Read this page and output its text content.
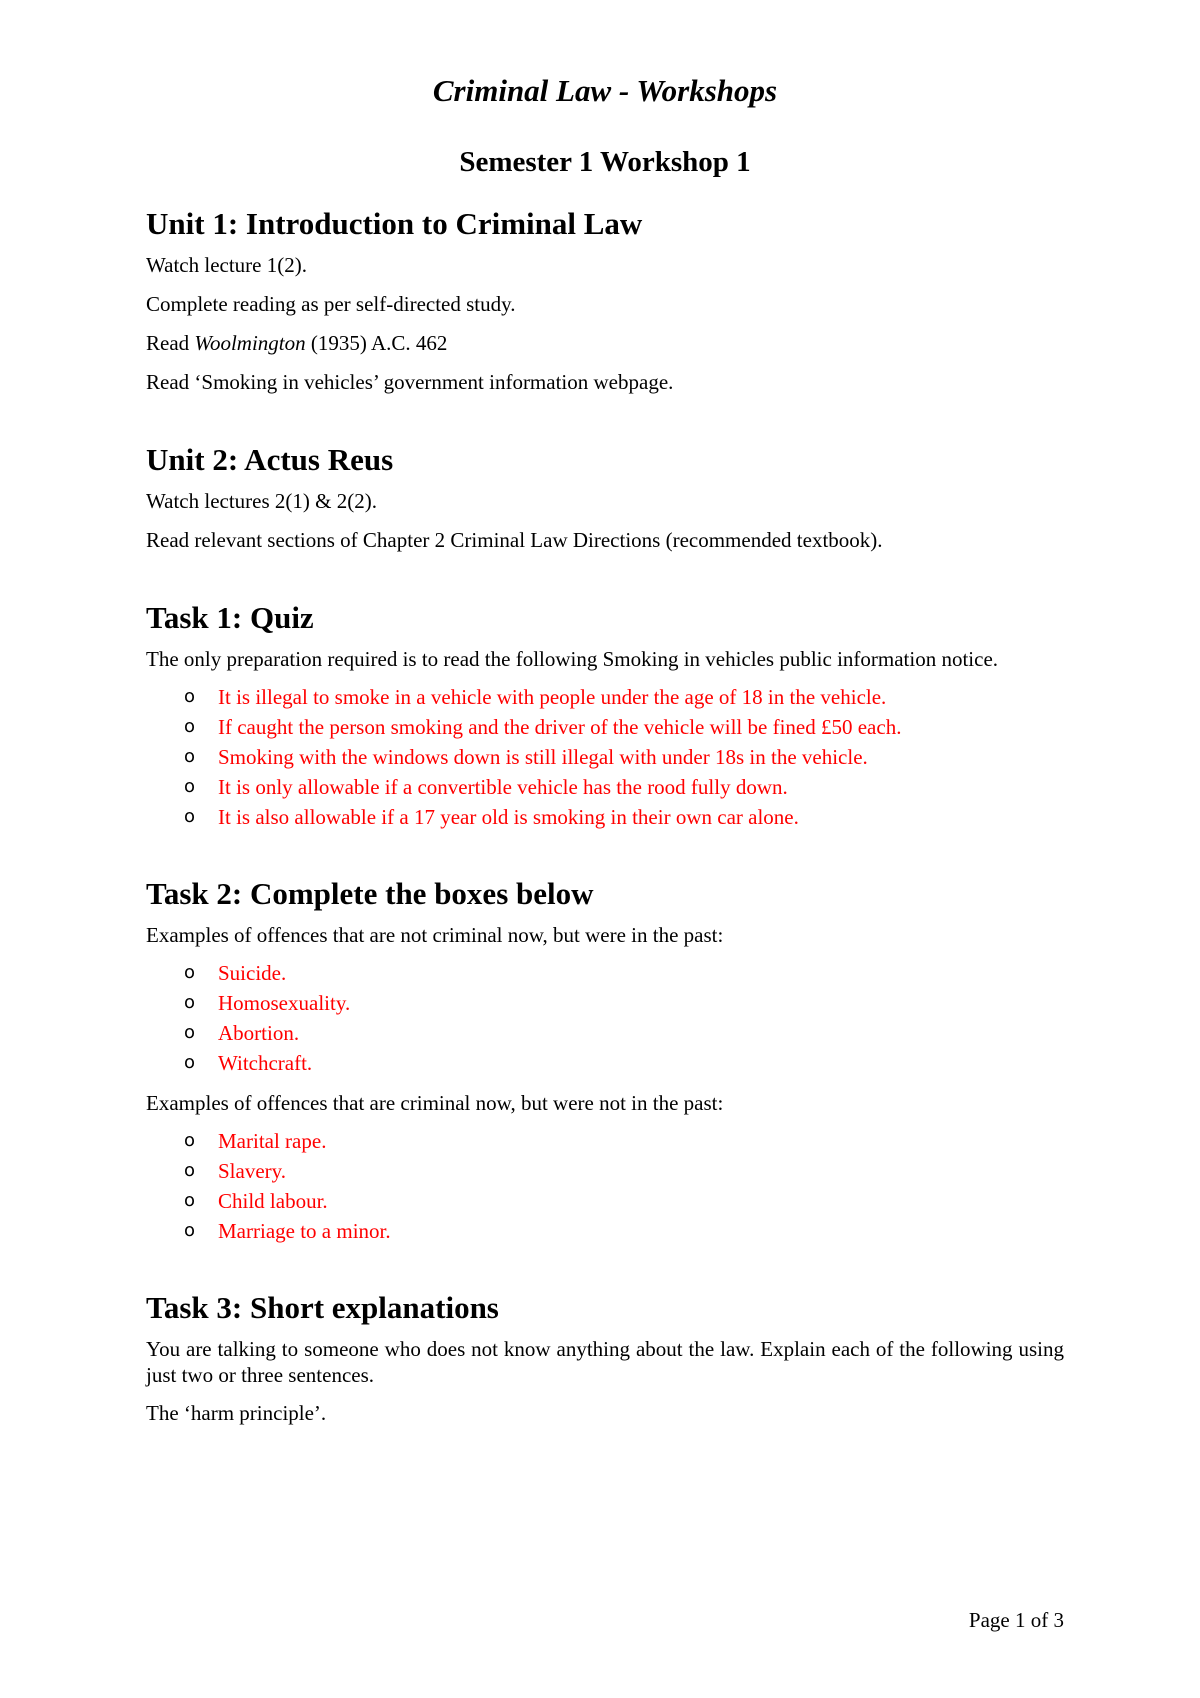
Criminal Law - Workshops
Semester 1 Workshop 1
Unit 1: Introduction to Criminal Law

Watch lecture 1(2).

Complete reading as per self-directed study.

Read Woolmington (1935) A.C. 462

Read ‘Smoking in vehicles’ government information webpage.

Unit 2: Actus Reus

Watch lectures 2(1) & 2(2).

Read relevant sections of Chapter 2 Criminal Law Directions (recommended textbook).

Task 1: Quiz

The only preparation required is to read the following Smoking in vehicles public information notice.

o It is illegal to smoke in a vehicle with people under the age of 18 in the vehicle.
o If caught the person smoking and the driver of the vehicle will be fined £50 each.
o Smoking with the windows down is still illegal with under 18s in the vehicle.
o It is only allowable if a convertible vehicle has the rood fully down.
o It is also allowable if a 17 year old is smoking in their own car alone.
Task 2: Complete the boxes below

Examples of offences that are not criminal now, but were in the past:

o Suicide.
o Homosexuality.
o Abortion.
o Witchcraft.

Examples of offences that are criminal now, but were not in the past:

o Marital rape.
o Slavery.
o Child labour.
o Marriage to a minor.
Task 3: Short explanations

You are talking to someone who does not know anything about the law. Explain each of the following using just two or three sentences.

The ‘harm principle’.

Page 1 of 3
